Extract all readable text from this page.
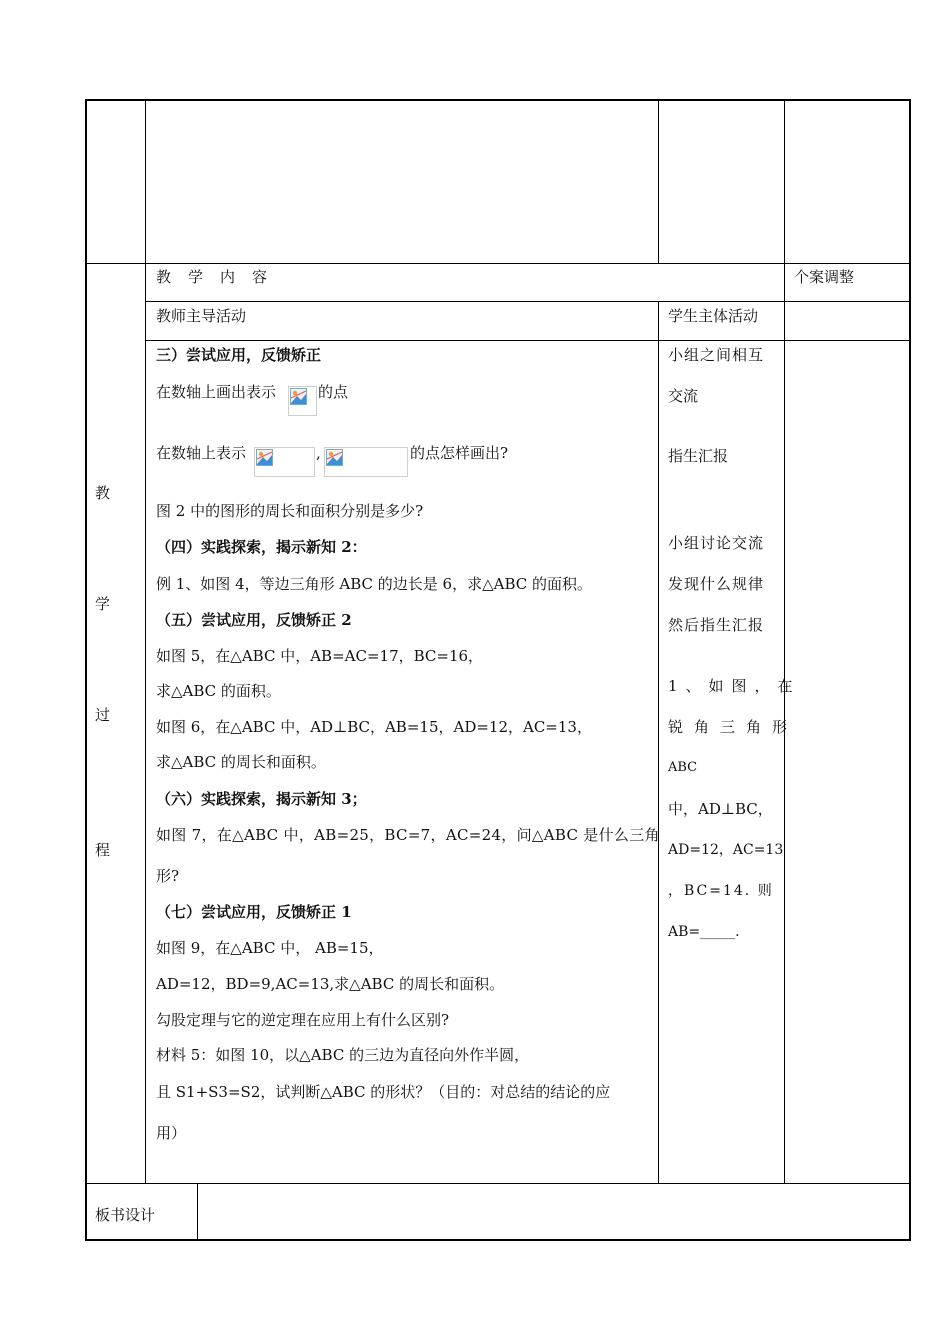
教　学　内　容	个案调整
教师主导活动	学生主体活动
教
学
过
程
三）尝试应用，反馈矫正
在数轴上画出表示	的点
在数轴上表示	,	的点怎样画出?
图 2 中的图形的周长和面积分别是多少?
（四）实践探索，揭示新知 2：
例 1、如图 4，等边三角形 ABC 的边长是 6，求△ABC 的面积。
（五）尝试应用，反馈矫正 2
如图 5，在△ABC 中，AB=AC=17，BC=16，
求△ABC 的面积。
如图 6，在△ABC 中，AD⊥BC，AB=15，AD=12，AC=13，
求△ABC 的周长和面积。
（六）实践探索，揭示新知 3；
如图 7，在△ABC 中，AB=25，BC=7，AC=24，问△ABC 是什么三角
形?
（七）尝试应用，反馈矫正 1
如图 9，在△ABC 中， AB=15，
AD=12，BD=9,AC=13,求△ABC 的周长和面积。
勾股定理与它的逆定理在应用上有什么区别?
材料 5：如图 10，以△ABC 的三边为直径向外作半圆，
且 S1+S3=S2，试判断△ABC 的形状？（目的：对总结的结论的应
用）
小组之间相互
交流
指生汇报
小组讨论交流
发现什么规律
然后指生汇报
1、如图，在
锐角三角形
ABC
中，AD⊥BC，
AD=12，AC=13
，BC=14. 则
AB=_____.
板书设计
